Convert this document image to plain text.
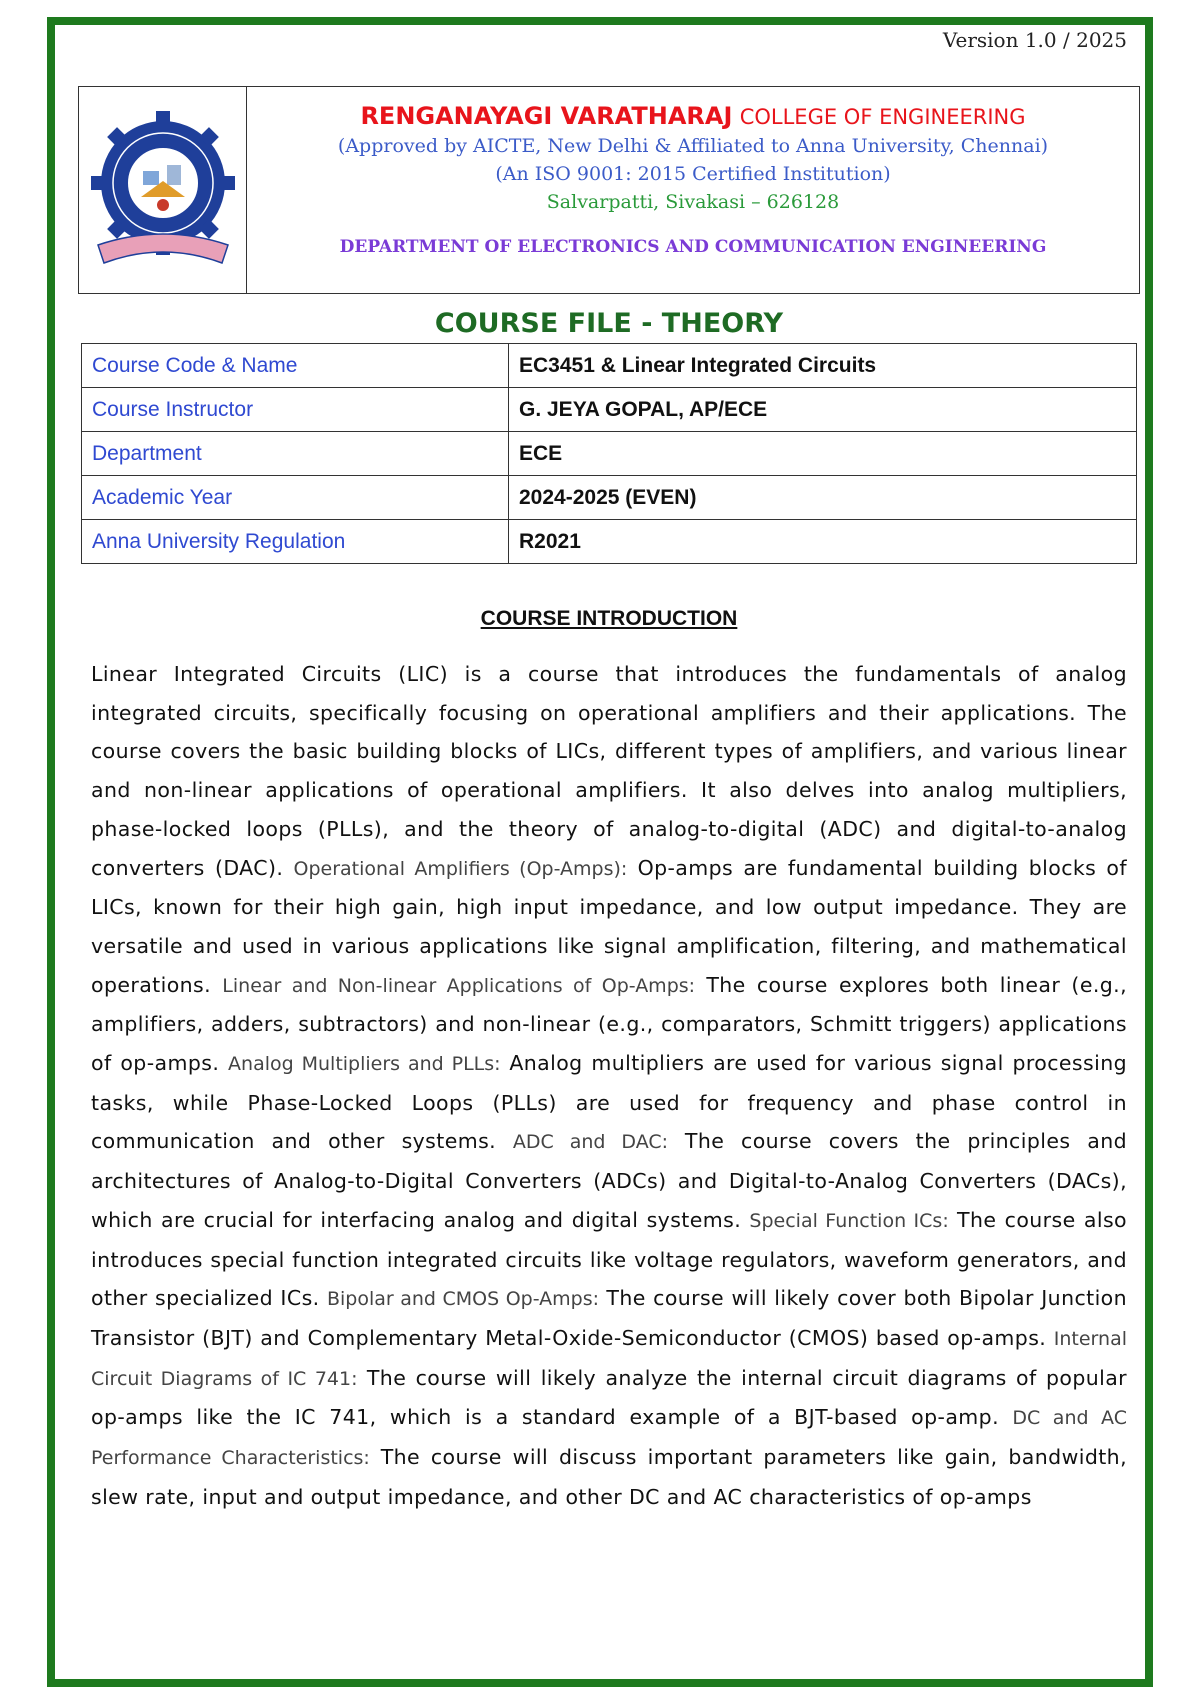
Version 1.0 / 2025
RENGANAYAGI VARATHARAJ COLLEGE OF ENGINEERING
(Approved by AICTE, New Delhi & Affiliated to Anna University, Chennai)
(An ISO 9001: 2015 Certified Institution)
Salvarpatti, Sivakasi – 626128
DEPARTMENT OF ELECTRONICS AND COMMUNICATION ENGINEERING
COURSE FILE - THEORY
Course Code & Name	EC3451 & Linear Integrated Circuits
Course Instructor	G. JEYA GOPAL, AP/ECE
Department	ECE
Academic Year	2024-2025 (EVEN)
Anna University Regulation	R2021
COURSE INTRODUCTION

Linear Integrated Circuits (LIC) is a course that introduces the fundamentals of analog integrated circuits, specifically focusing on operational amplifiers and their applications. The course covers the basic building blocks of LICs, different types of amplifiers, and various linear and non-linear applications of operational amplifiers. It also delves into analog multipliers, phase-locked loops (PLLs), and the theory of analog-to-digital (ADC) and digital-to-analog converters (DAC). Operational Amplifiers (Op-Amps): Op-amps are fundamental building blocks of LICs, known for their high gain, high input impedance, and low output impedance. They are versatile and used in various applications like signal amplification, filtering, and mathematical operations. Linear and Non-linear Applications of Op-Amps: The course explores both linear (e.g., amplifiers, adders, subtractors) and non-linear (e.g., comparators, Schmitt triggers) applications of op-amps. Analog Multipliers and PLLs: Analog multipliers are used for various signal processing tasks, while Phase-Locked Loops (PLLs) are used for frequency and phase control in communication and other systems. ADC and DAC: The course covers the principles and architectures of Analog-to-Digital Converters (ADCs) and Digital-to-Analog Converters (DACs), which are crucial for interfacing analog and digital systems. Special Function ICs: The course also introduces special function integrated circuits like voltage regulators, waveform generators, and other specialized ICs. Bipolar and CMOS Op-Amps: The course will likely cover both Bipolar Junction Transistor (BJT) and Complementary Metal-Oxide-Semiconductor (CMOS) based op-amps. Internal Circuit Diagrams of IC 741: The course will likely analyze the internal circuit diagrams of popular op-amps like the IC 741, which is a standard example of a BJT-based op-amp. DC and AC Performance Characteristics: The course will discuss important parameters like gain, bandwidth, slew rate, input and output impedance, and other DC and AC characteristics of op-amps
